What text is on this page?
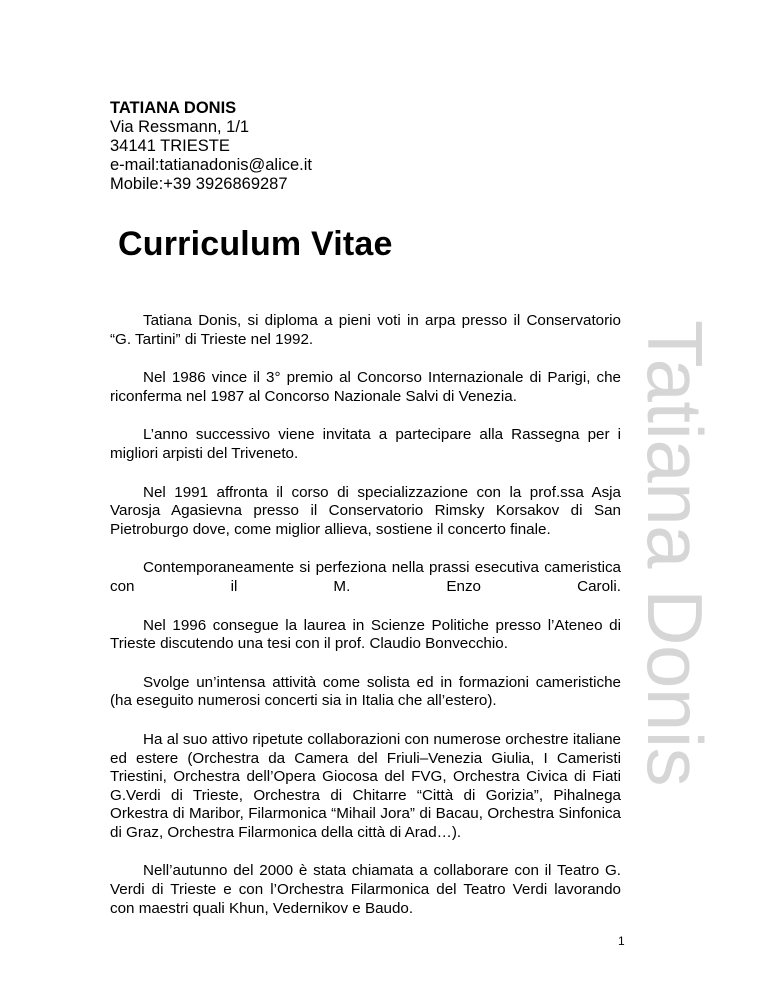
TATIANA DONIS
Via Ressmann, 1/1
34141 TRIESTE
e-mail:tatianadonis@alice.it
Mobile:+39 3926869287
Curriculum Vitae

Tatiana Donis, si diploma a pieni voti in arpa presso il Conservatorio “G. Tartini” di Trieste nel 1992.

Nel 1986 vince il 3° premio al Concorso Internazionale di Parigi, che riconferma nel 1987 al Concorso Nazionale Salvi di Venezia.

L’anno successivo viene invitata a partecipare alla Rassegna per i migliori arpisti del Triveneto.

Nel 1991 affronta il corso di specializzazione con la prof.ssa Asja Varosja Agasievna presso il Conservatorio Rimsky Korsakov di San Pietroburgo dove, come miglior allieva, sostiene il concerto finale.

Contemporaneamente si perfeziona nella prassi esecutiva cameristica con il M. Enzo Caroli.

Nel 1996 consegue la laurea in Scienze Politiche presso l’Ateneo di Trieste discutendo una tesi con il prof. Claudio Bonvecchio.

Svolge un’intensa attività come solista ed in formazioni cameristiche (ha eseguito numerosi concerti sia in Italia che all’estero).

Ha al suo attivo ripetute collaborazioni con numerose orchestre italiane ed estere (Orchestra da Camera del Friuli–Venezia Giulia, I Cameristi Triestini, Orchestra dell’Opera Giocosa del FVG, Orchestra Civica di Fiati G.Verdi di Trieste, Orchestra di Chitarre “Città di Gorizia”, Pihalnega Orkestra di Maribor, Filarmonica “Mihail Jora” di Bacau, Orchestra Sinfonica di Graz, Orchestra Filarmonica della città di Arad…).

Nell’autunno del 2000 è stata chiamata a collaborare con il Teatro G. Verdi di Trieste e con l’Orchestra Filarmonica del Teatro Verdi lavorando con maestri quali Khun, Vedernikov e Baudo.

Tatiana Donis
1
